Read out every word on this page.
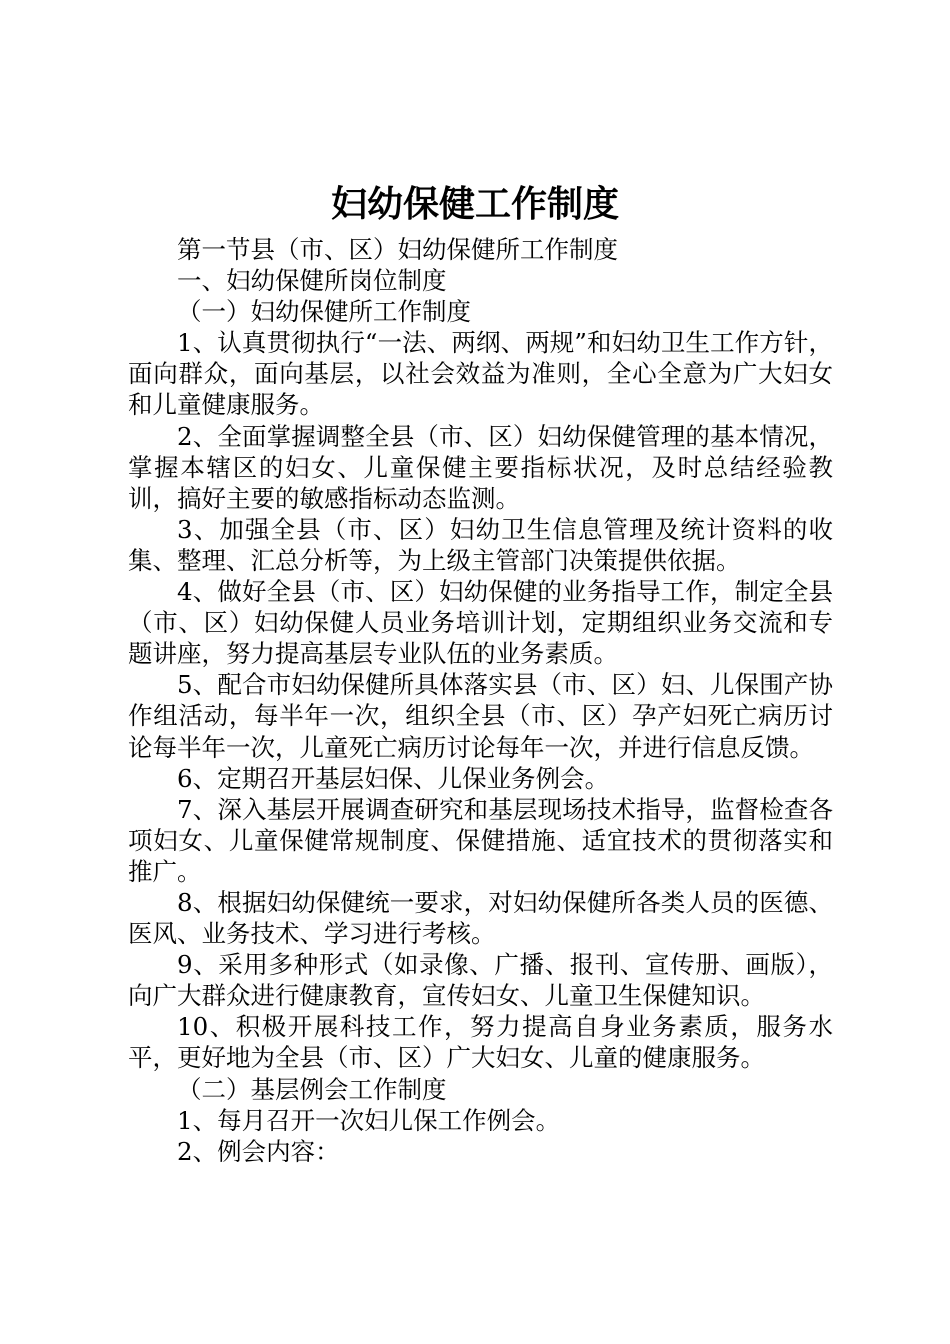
妇幼保健工作制度

第一节县（市、区）妇幼保健所工作制度

一、妇幼保健所岗位制度

（一）妇幼保健所工作制度

1、认真贯彻执行“一法、两纲、两规”和妇幼卫生工作方针，面向群众，面向基层，以社会效益为准则，全心全意为广大妇女和儿童健康服务。

2、全面掌握调整全县（市、区）妇幼保健管理的基本情况，掌握本辖区的妇女、儿童保健主要指标状况，及时总结经验教训，搞好主要的敏感指标动态监测。

3、加强全县（市、区）妇幼卫生信息管理及统计资料的收集、整理、汇总分析等，为上级主管部门决策提供依据。

4、做好全县（市、区）妇幼保健的业务指导工作，制定全县（市、区）妇幼保健人员业务培训计划，定期组织业务交流和专题讲座，努力提高基层专业队伍的业务素质。

5、配合市妇幼保健所具体落实县（市、区）妇、儿保围产协作组活动，每半年一次，组织全县（市、区）孕产妇死亡病历讨论每半年一次，儿童死亡病历讨论每年一次，并进行信息反馈。

6、定期召开基层妇保、儿保业务例会。

7、深入基层开展调查研究和基层现场技术指导，监督检查各项妇女、儿童保健常规制度、保健措施、适宜技术的贯彻落实和推广。

8、根据妇幼保健统一要求，对妇幼保健所各类人员的医德、医风、业务技术、学习进行考核。

9、采用多种形式（如录像、广播、报刊、宣传册、画版），向广大群众进行健康教育，宣传妇女、儿童卫生保健知识。

10、积极开展科技工作，努力提高自身业务素质，服务水平，更好地为全县（市、区）广大妇女、儿童的健康服务。

（二）基层例会工作制度

1、每月召开一次妇儿保工作例会。

2、例会内容：
